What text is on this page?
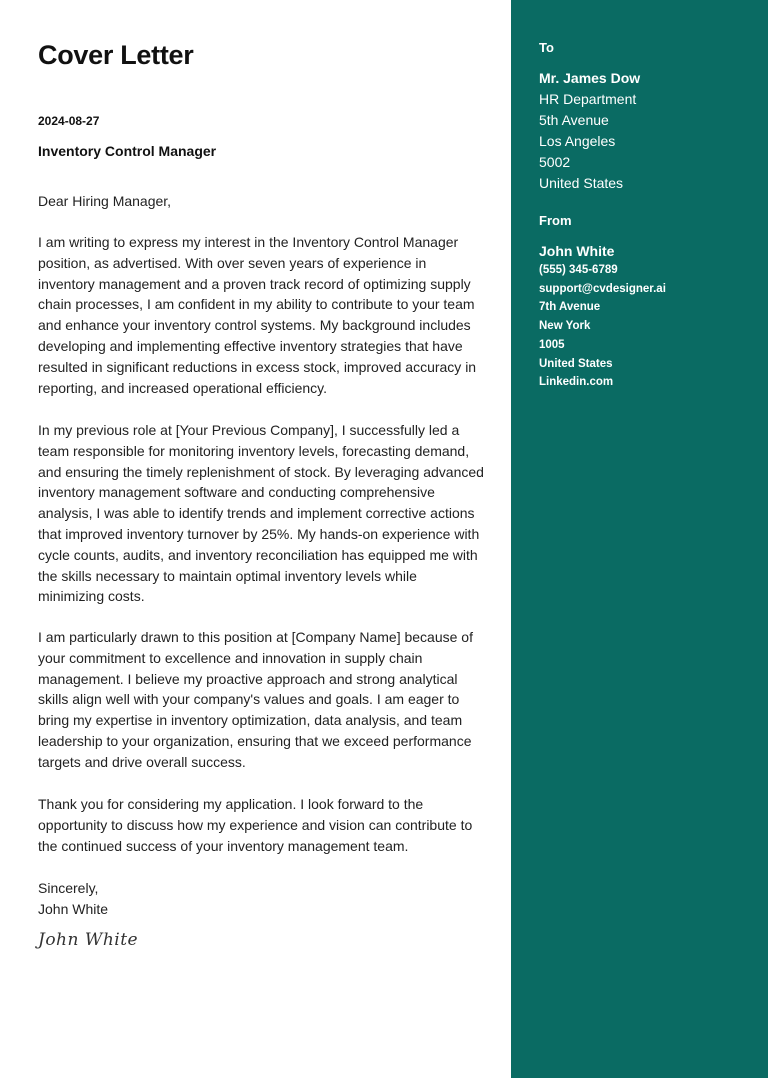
Cover Letter
2024-08-27
Inventory Control Manager
Dear Hiring Manager,

I am writing to express my interest in the Inventory Control Manager position, as advertised. With over seven years of experience in inventory management and a proven track record of optimizing supply chain processes, I am confident in my ability to contribute to your team and enhance your inventory control systems. My background includes developing and implementing effective inventory strategies that have resulted in significant reductions in excess stock, improved accuracy in reporting, and increased operational efficiency.

In my previous role at [Your Previous Company], I successfully led a team responsible for monitoring inventory levels, forecasting demand, and ensuring the timely replenishment of stock. By leveraging advanced inventory management software and conducting comprehensive analysis, I was able to identify trends and implement corrective actions that improved inventory turnover by 25%. My hands-on experience with cycle counts, audits, and inventory reconciliation has equipped me with the skills necessary to maintain optimal inventory levels while minimizing costs.

I am particularly drawn to this position at [Company Name] because of your commitment to excellence and innovation in supply chain management. I believe my proactive approach and strong analytical skills align well with your company's values and goals. I am eager to bring my expertise in inventory optimization, data analysis, and team leadership to your organization, ensuring that we exceed performance targets and drive overall success.

Thank you for considering my application. I look forward to the opportunity to discuss how my experience and vision can contribute to the continued success of your inventory management team.

Sincerely,
John White
John White
To
Mr. James Dow
HR Department
5th Avenue
Los Angeles
5002
United States
From
John White
(555) 345-6789
support@cvdesigner.ai
7th Avenue
New York
1005
United States
Linkedin.com
